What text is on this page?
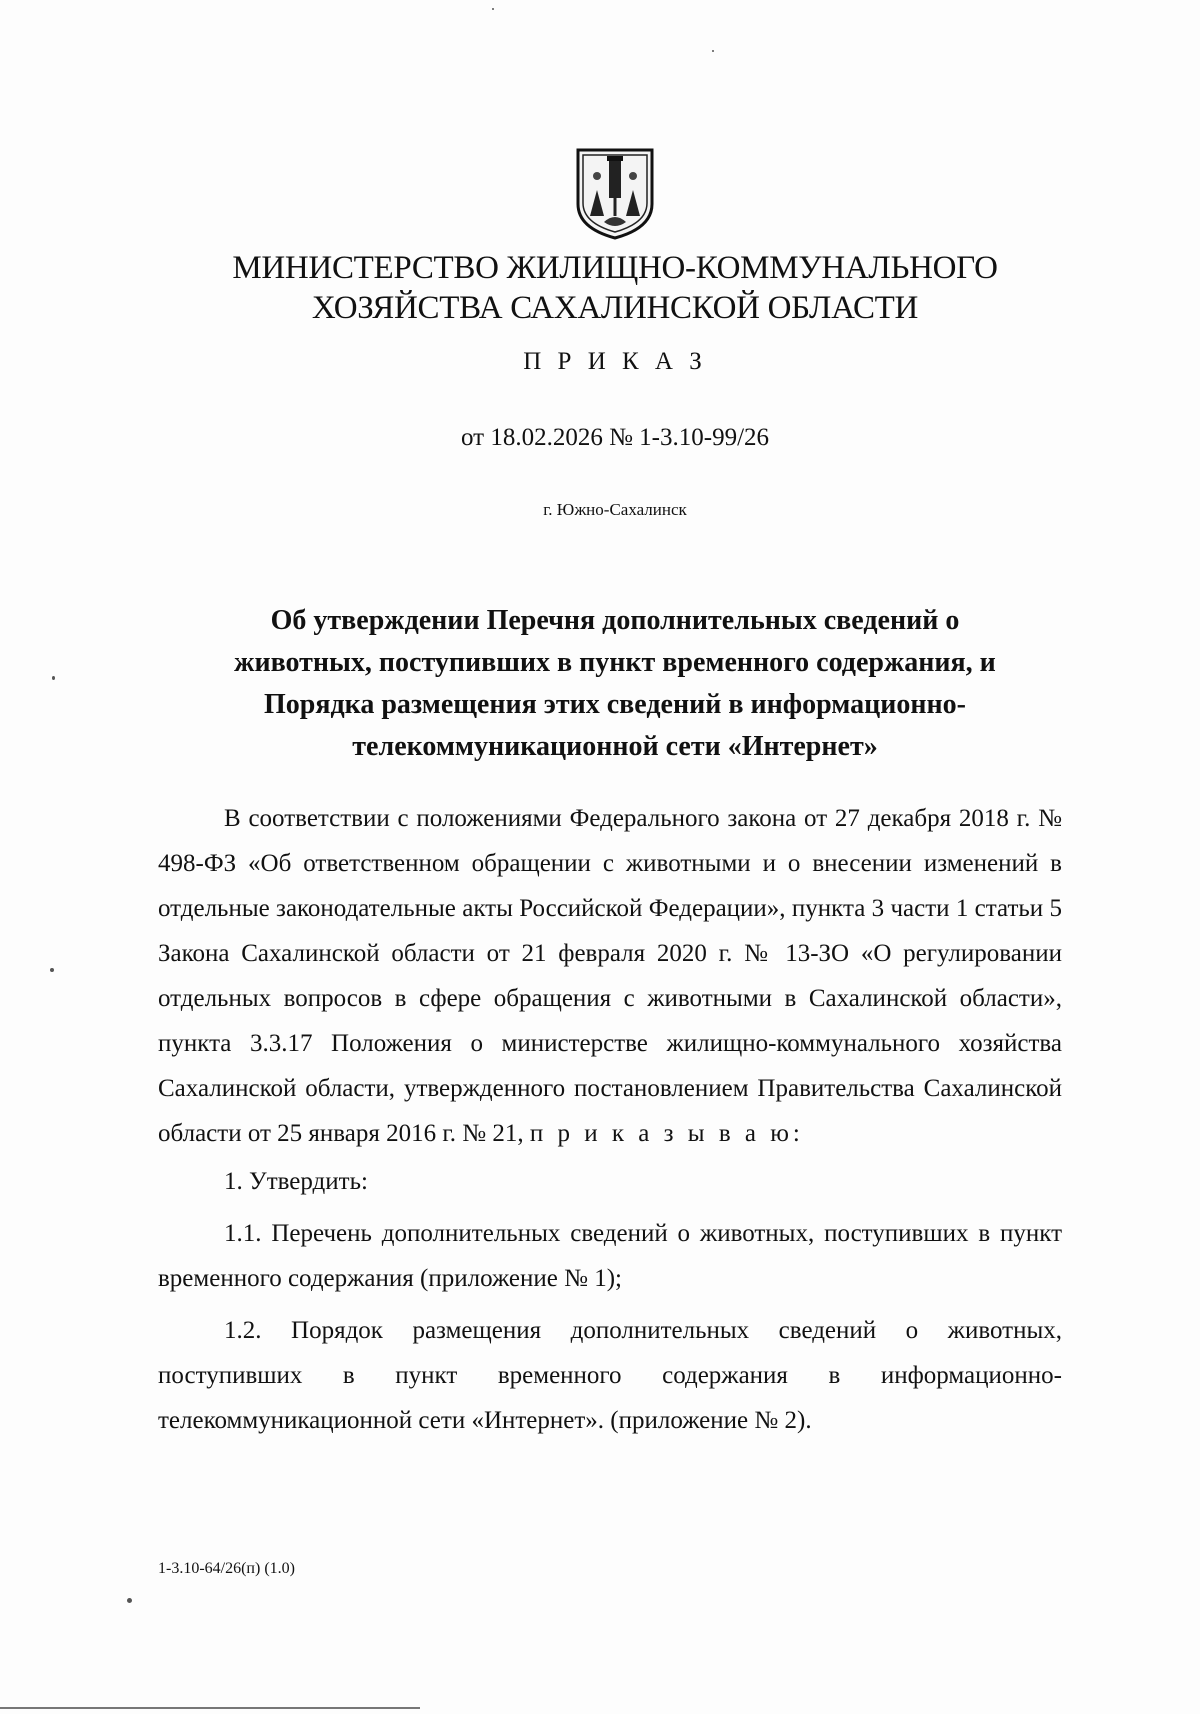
МИНИСТЕРСТВО ЖИЛИЩНО-КОММУНАЛЬНОГО
ХОЗЯЙСТВА САХАЛИНСКОЙ ОБЛАСТИ
П Р И К А З
от 18.02.2026 № 1-3.10-99/26
г. Южно-Сахалинск
Об утверждении Перечня дополнительных сведений о
животных, поступивших в пункт временного содержания, и
Порядка размещения этих сведений в информационно-
телекоммуникационной сети «Интернет»

В соответствии с положениями Федерального закона от 27 декабря 2018 г. № 498-ФЗ «Об ответственном обращении с животными и о внесении изменений в отдельные законодательные акты Российской Федерации», пункта 3 части 1 статьи 5 Закона Сахалинской области от 21 февраля 2020 г. № 13-ЗО «О регулировании отдельных вопросов в сфере обращения с животными в Сахалинской области», пункта 3.3.17 Положения о министерстве жилищно-коммунального хозяйства Сахалинской области, утвержденного постановлением Правительства Сахалинской области от 25 января 2016 г. № 21, п р и к а з ы в а ю:

1. Утвердить:

1.1. Перечень дополнительных сведений о животных, поступивших в пункт временного содержания (приложение № 1);

1.2. Порядок размещения дополнительных сведений о животных, поступивших в пункт временного содержания в информационно-телекоммуникационной сети «Интернет». (приложение № 2).

1-3.10-64/26(п) (1.0)
